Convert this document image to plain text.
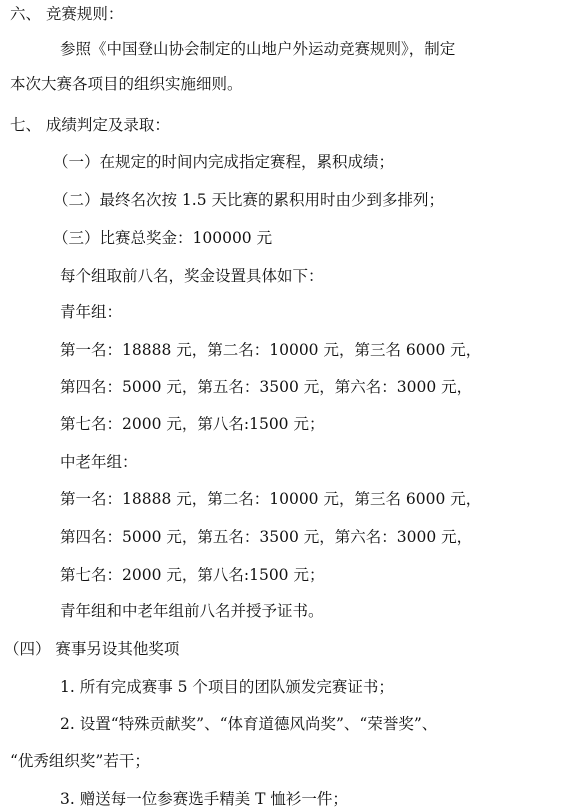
六、 竞赛规则：
参照《中国登山协会制定的山地户外运动竞赛规则》，制定
本次大赛各项目的组织实施细则。
七、 成绩判定及录取：
（一）在规定的时间内完成指定赛程，累积成绩；
（二）最终名次按 1.5 天比赛的累积用时由少到多排列；
（三）比赛总奖金：100000 元
每个组取前八名，奖金设置具体如下：
青年组：
第一名：18888 元，第二名：10000 元，第三名 6000 元，
第四名：5000 元，第五名：3500 元，第六名：3000 元，
第七名：2000 元，第八名:1500 元；
中老年组：
第一名：18888 元，第二名：10000 元，第三名 6000 元，
第四名：5000 元，第五名：3500 元，第六名：3000 元，
第七名：2000 元，第八名:1500 元；
青年组和中老年组前八名并授予证书。
（四） 赛事另设其他奖项
1. 所有完成赛事 5 个项目的团队颁发完赛证书；
2. 设置“特殊贡献奖”、“体育道德风尚奖”、“荣誉奖”、
“优秀组织奖”若干；
3. 赠送每一位参赛选手精美 T 恤衫一件；
